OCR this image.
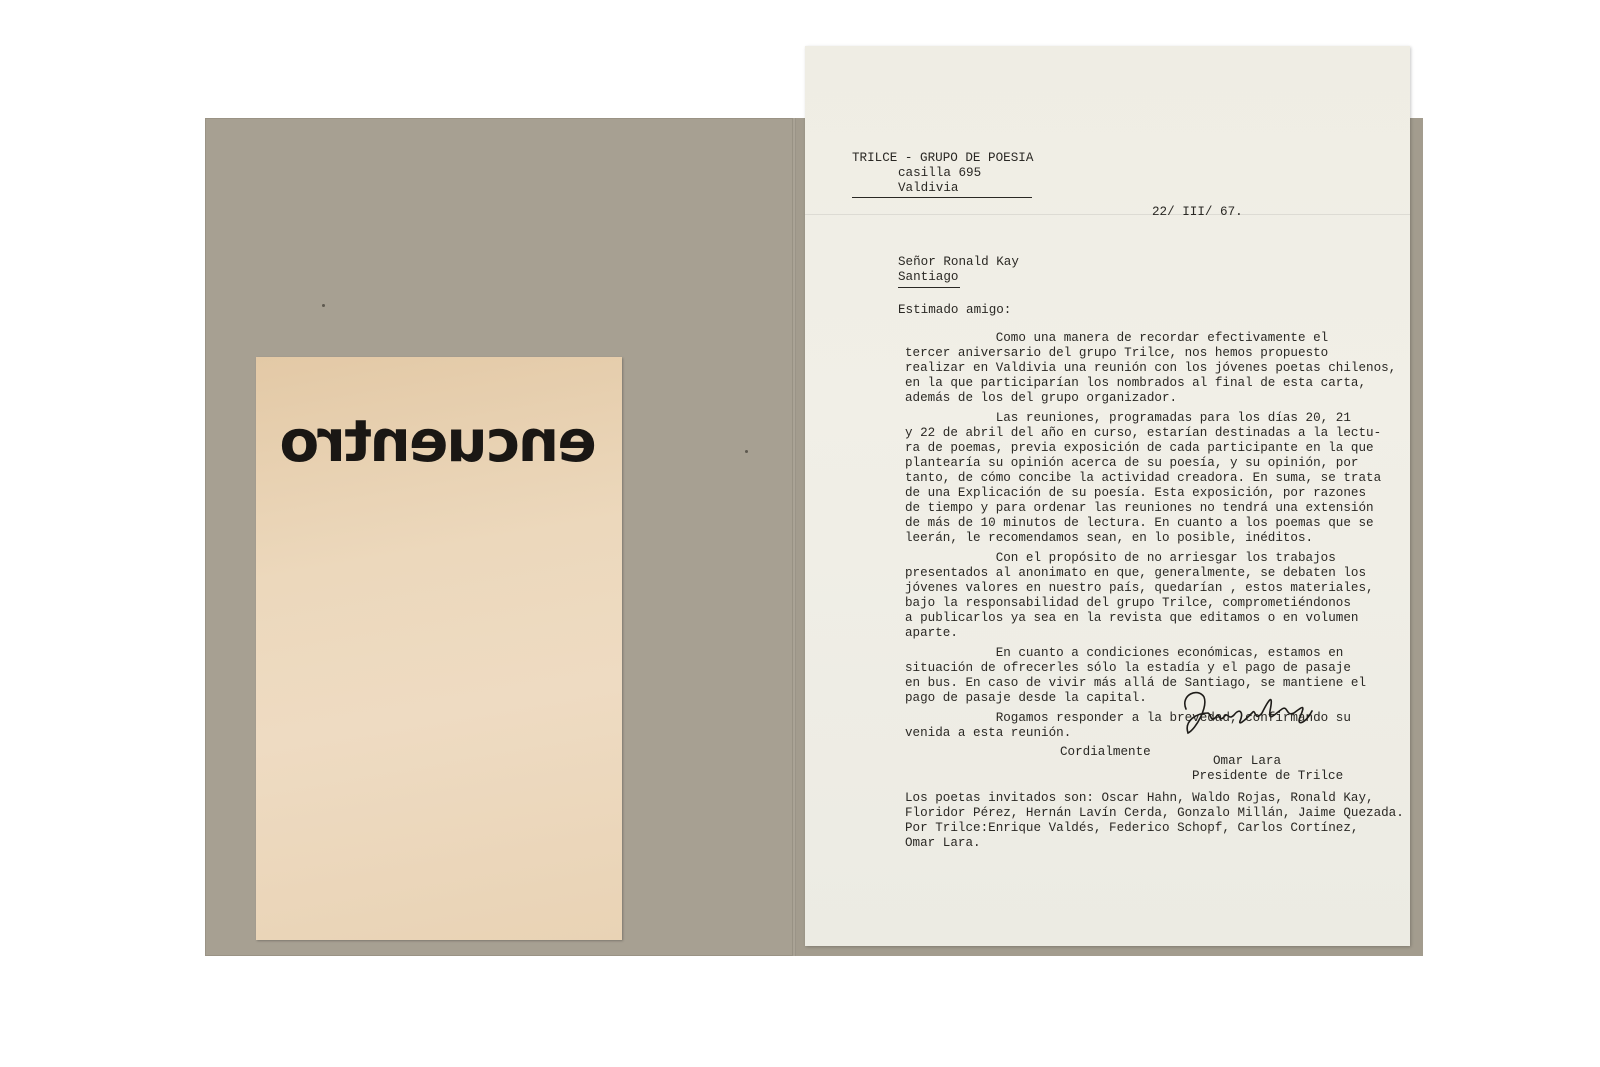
encuentro
TRILCE - GRUPO DE POESIA
casilla 695
Valdivia
22/ III/ 67.
Señor Ronald Kay
Santiago
Estimado amigo:
Como una manera de recordar efectivamente el
tercer aniversario del grupo Trilce, nos hemos propuesto
realizar en Valdivia una reunión con los jóvenes poetas chilenos,
en la que participarían los nombrados al final de esta carta,
además de los del grupo organizador.
Las reuniones, programadas para los días 20, 21
y 22 de abril del año en curso, estarían destinadas a la lectu-
ra de poemas, previa exposición de cada participante en la que
plantearía su opinión acerca de su poesía, y su opinión, por
tanto, de cómo concibe la actividad creadora. En suma, se trata
de una Explicación de su poesía. Esta exposición, por razones
de tiempo y para ordenar las reuniones no tendrá una extensión
de más de 10 minutos de lectura. En cuanto a los poemas que se
leerán, le recomendamos sean, en lo posible, inéditos.
Con el propósito de no arriesgar los trabajos
presentados al anonimato en que, generalmente, se debaten los
jóvenes valores en nuestro país, quedarían , estos materiales,
bajo la responsabilidad del grupo Trilce, comprometiéndonos
a publicarlos ya sea en la revista que editamos o en volumen
aparte.
En cuanto a condiciones económicas, estamos en
situación de ofrecerles sólo la estadía y el pago de pasaje
en bus. En caso de vivir más allá de Santiago, se mantiene el
pago de pasaje desde la capital.
Rogamos responder a la brevedad, confirmando su
venida a esta reunión.
Cordialmente
Omar Lara
Presidente de Trilce
Los poetas invitados son: Oscar Hahn, Waldo Rojas, Ronald Kay,
Floridor Pérez, Hernán Lavín Cerda, Gonzalo Millán, Jaime Quezada.
Por Trilce:Enrique Valdés, Federico Schopf, Carlos Cortínez,
Omar Lara.
